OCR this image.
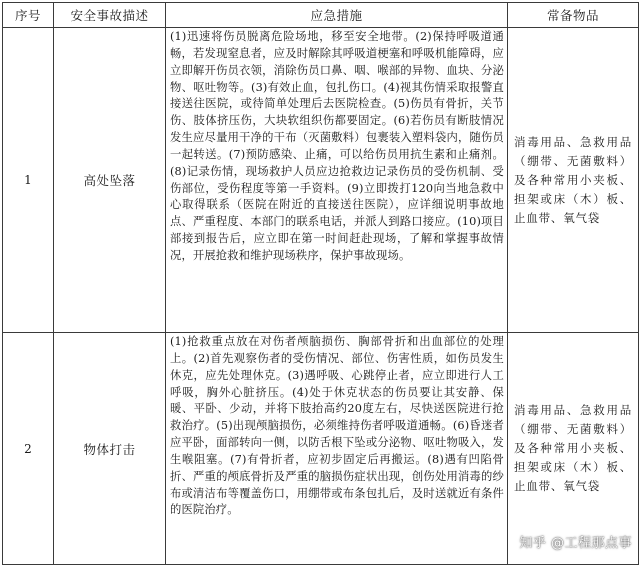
序号	安全事故描述	应急措施	常备物品
1	高处坠落	(1)迅速将伤员脱离危险场地，移至安全地带。(2)保持呼吸道通畅，若发现窒息者，应及时解除其呼吸道梗塞和呼吸机能障碍，应立即解开伤员衣领，消除伤员口鼻、咽、喉部的异物、血块、分泌物、呕吐物等。(3)有效止血，包扎伤口。(4)视其伤情采取报警直接送往医院，或待简单处理后去医院检查。(5)伤员有骨折，关节伤、肢体挤压伤，大块软组织伤都要固定。(6)若伤员有断肢情况发生应尽量用干净的干布（灭菌敷料）包裹装入塑料袋内，随伤员一起转送。(7)预防感染、止痛，可以给伤员用抗生素和止痛剂。(8)记录伤情，现场救护人员应边抢救边记录伤员的受伤机制、受伤部位，受伤程度等第一手资料。(9)立即拨打120向当地急救中心取得联系（医院在附近的直接送往医院），应详细说明事故地点、严重程度、本部门的联系电话，并派人到路口接应。(10)项目部接到报告后，应立即在第一时间赶赴现场，了解和掌握事故情况，开展抢救和维护现场秩序，保护事故现场。	消毒用品、急救用品（绷带、无菌敷料）及各种常用小夹板、担架或床（木）板、止血带、氧气袋
2	物体打击	(1)抢救重点放在对伤者颅脑损伤、胸部骨折和出血部位的处理上。(2)首先观察伤者的受伤情况、部位、伤害性质，如伤员发生休克，应先处理休克。(3)遇呼吸、心跳停止者，应立即进行人工呼吸，胸外心脏挤压。(4)处于休克状态的伤员要让其安静、保暖、平卧、少动，并将下肢抬高约20度左右，尽快送医院进行抢救治疗。(5)出现颅脑损伤，必须维持伤者呼吸道通畅。(6)昏迷者应平卧，面部转向一侧，以防舌根下坠或分泌物、呕吐物吸入，发生喉阻塞。(7)有骨折者，应初步固定后再搬运。(8)遇有凹陷骨折、严重的颅底骨折及严重的脑损伤症状出现，创伤处用消毒的纱布或清洁布等覆盖伤口，用绷带或布条包扎后，及时送就近有条件的医院治疗。	消毒用品、急救用品（绷带、无菌敷料）及各种常用小夹板、担架或床（木）板、止血带、氧气袋
知乎 @工程那点事
